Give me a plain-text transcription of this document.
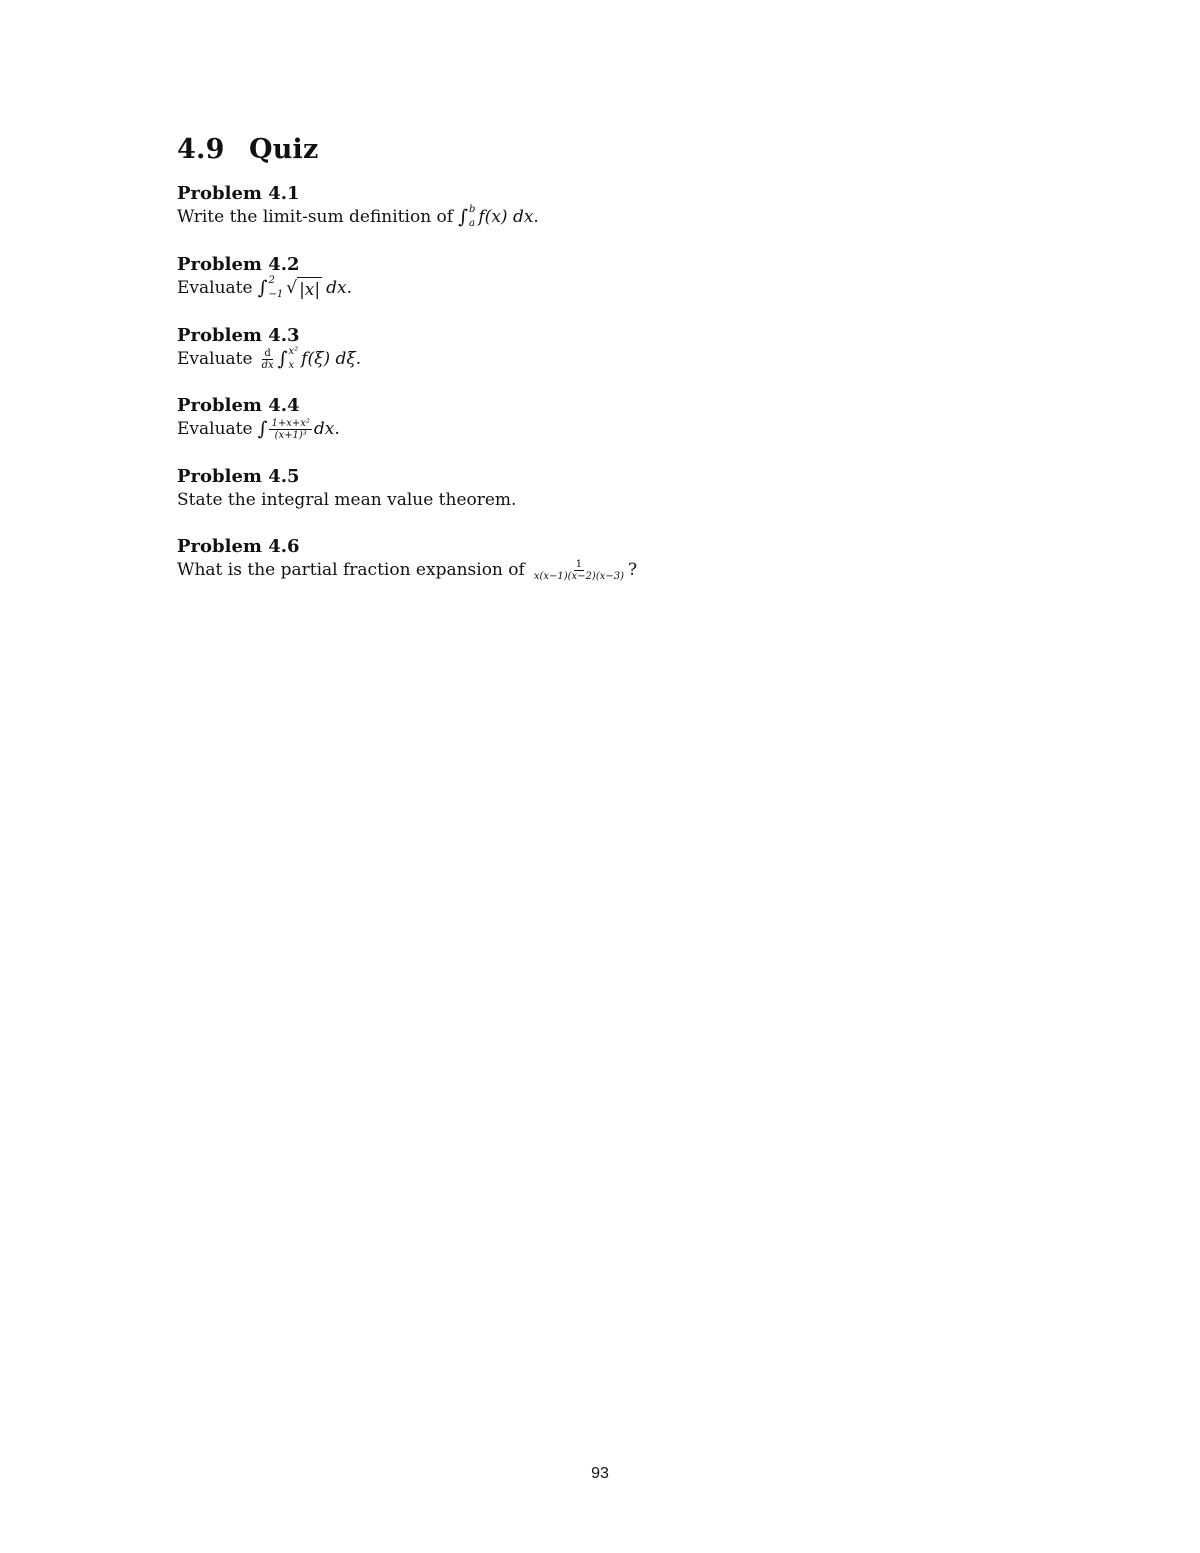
4.9 Quiz
Problem 4.1
Write the limit-sum definition of ∫ b
a f(x) dx .
Problem 4.2
Evaluate ∫ 2
−1 √ |x| dx .
Problem 4.3
Evaluate $\frac{d}{dx}$ ∫ x²
x f(ξ) dξ .
Problem 4.4
Evaluate ∫ $\frac{\text{1+x+x²}}{\text{(x+1)³}}$ dx .
Problem 4.5
State the integral mean value theorem.
Problem 4.6
What is the partial fraction expansion of $\frac{1}{x(x-1)(x-2)(x-3)}$ ?
93
